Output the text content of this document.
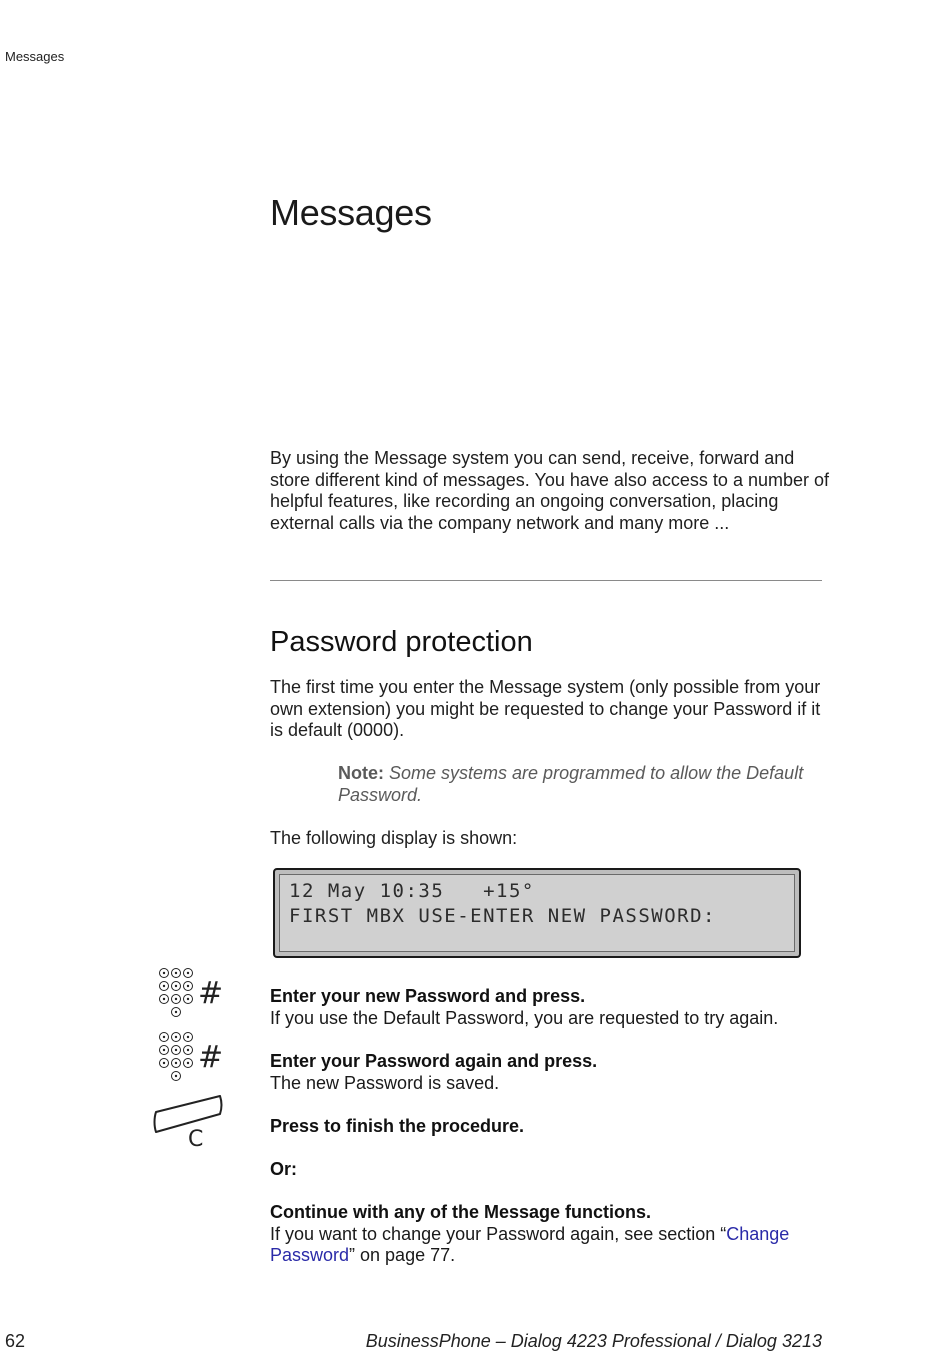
Messages
Messages
By using the Message system you can send, receive, forward and store different kind of messages. You have also access to a number of helpful features, like recording an ongoing conversation, placing external calls via the company network and many more ...
Password protection
The first time you enter the Message system (only possible from your own extension) you might be requested to change your Password if it is default (0000).
Note: Some systems are programmed to allow the Default Password.
The following display is shown:
12 May 10:35   +15°
FIRST MBX USE-ENTER NEW PASSWORD:
#
#
C
Enter your new Password and press.
If you use the Default Password, you are requested to try again.
Enter your Password again and press.
The new Password is saved.
Press to finish the procedure.
Or:
Continue with any of the Message functions.
If you want to change your Password again, see section “Change Password” on page 77.
62	BusinessPhone – Dialog 4223 Professional / Dialog 3213
